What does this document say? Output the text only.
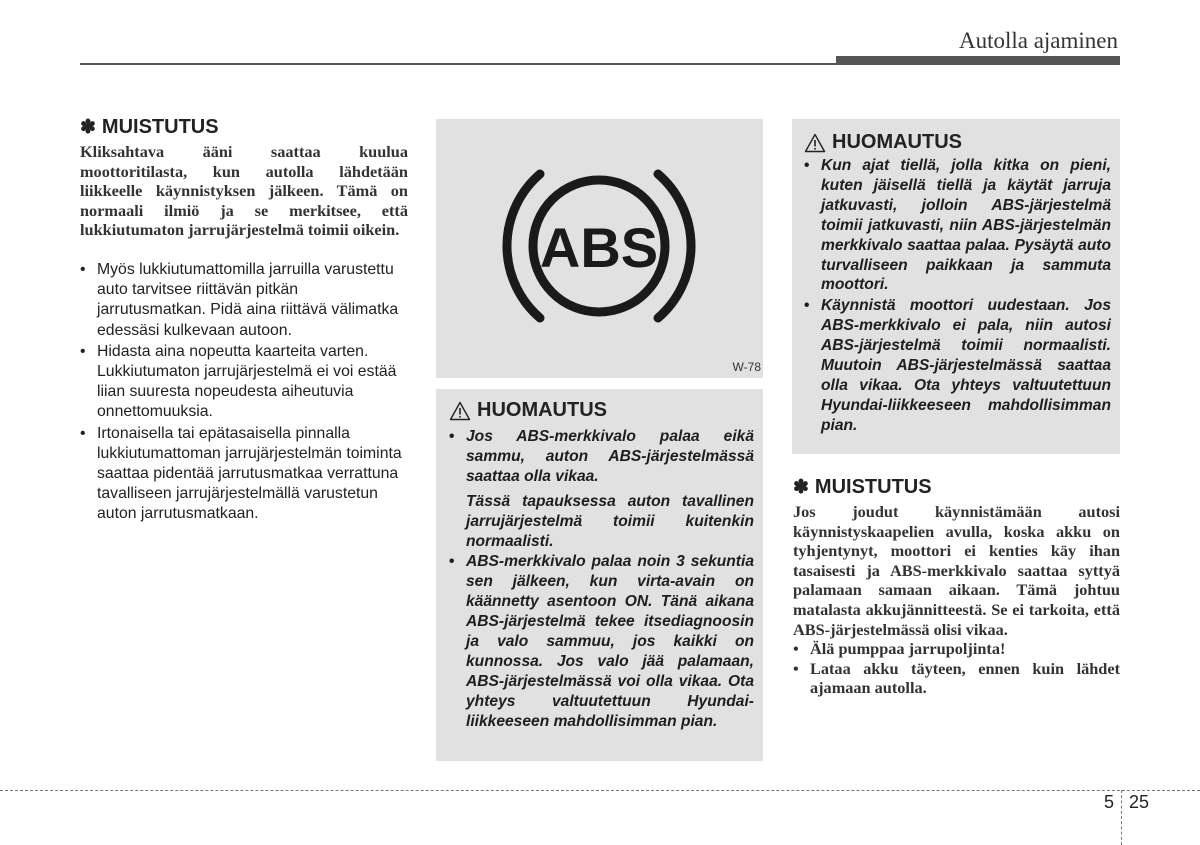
Autolla ajaminen
✽ MUISTUTUS

Kliksahtava ääni saattaa kuulua moottoritilasta, kun autolla lähdetään liikkeelle käynnistyksen jälkeen. Tämä on normaali ilmiö ja se merkitsee, että lukkiutumaton jarrujärjestelmä toimii oikein.

• Myös lukkiutumattomilla jarruilla varustettu auto tarvitsee riittävän pitkän jarrutusmatkan. Pidä aina riittävä välimatka edessäsi kulkevaan autoon.
• Hidasta aina nopeutta kaarteita varten. Lukkiutumaton jarrujärjestelmä ei voi estää liian suuresta nopeudesta aiheutuvia onnettomuuksia.
• Irtonaisella tai epätasaisella pinnalla lukkiutumattoman jarrujärjestelmän toiminta saattaa pidentää jarrutusmatkaa verrattuna tavalliseen jarrujärjestelmällä varustetun auton jarrutusmatkaan.
ABS
W-78
HUOMAUTUS
• Jos ABS-merkkivalo palaa eikä sammu, auton ABS-järjestelmässä saattaa olla vikaa.

Tässä tapauksessa auton tavallinen jarrujärjestelmä toimii kuitenkin normaalisti.

• ABS-merkkivalo palaa noin 3 sekuntia sen jälkeen, kun virta-avain on käännetty asentoon ON. Tänä aikana ABS-järjestelmä tekee itsediagnoosin ja valo sammuu, jos kaikki on kunnossa. Jos valo jää palamaan, ABS-järjestelmässä voi olla vikaa. Ota yhteys valtuutettuun Hyundai-liikkeeseen mahdollisimman pian.

HUOMAUTUS
• Kun ajat tiellä, jolla kitka on pieni, kuten jäisellä tiellä ja käytät jarruja jatkuvasti, jolloin ABS-järjestelmä toimii jatkuvasti, niin ABS-järjestelmän merkkivalo saattaa palaa. Pysäytä auto turvalliseen paikkaan ja sammuta moottori.
• Käynnistä moottori uudestaan. Jos ABS-merkkivalo ei pala, niin autosi ABS-järjestelmä toimii normaalisti. Muutoin ABS-järjestelmässä saattaa olla vikaa. Ota yhteys valtuutettuun Hyundai-liikkeeseen mahdollisimman pian.
✽ MUISTUTUS

Jos joudut käynnistämään autosi käynnistyskaapelien avulla, koska akku on tyhjentynyt, moottori ei kenties käy ihan tasaisesti ja ABS-merkkivalo saattaa syttyä palamaan samaan aikaan. Tämä johtuu matalasta akkujännitteestä. Se ei tarkoita, että ABS-järjestelmässä olisi vikaa.

• Älä pumppaa jarrupoljinta!
• Lataa akku täyteen, ennen kuin lähdet ajamaan autolla.
5 25
